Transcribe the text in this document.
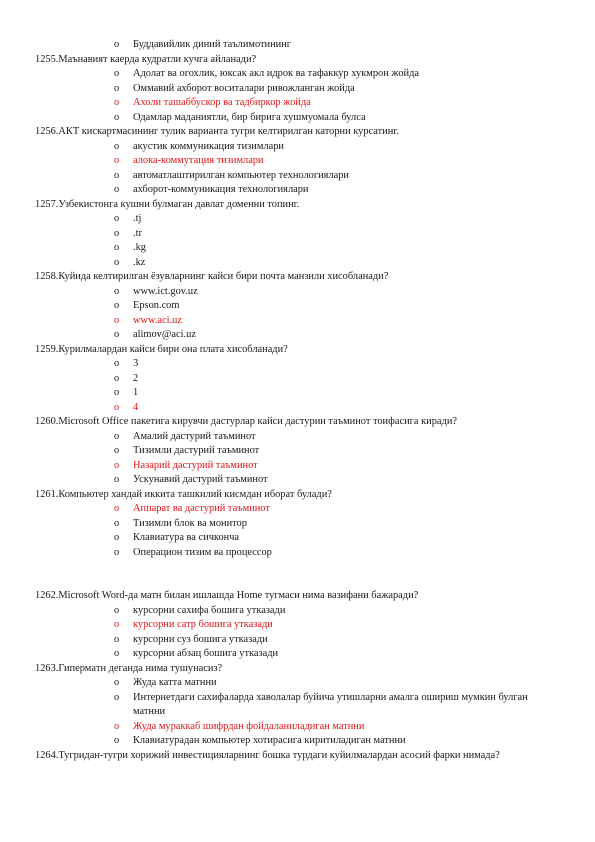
o Буддавийлик диний таълимотининг
1255.Маънавият каерда кудратли кучга айланади?
o Адолат ва огохлик, юксак акл идрок ва тафаккур хукмрон жойда
o Оммавий ахборот воситалари ривожланган жойда
o Ахоли ташаббускор ва тадбиркор жойда
o Одамлар маданиятли, бир бирига хушмуомала булса
1256.АКТ кискартмасининг тулик варианта тугри келтирилган каторни курсатинг.
o акустик коммуникация тизимлари
o алока-коммутация тизимлари
o автоматлаштирилган компьютер технологиялари
o ахборот-коммуникация технологиялари
1257.Узбекистонга кушни булмаган давлат доменни топинг.
o .tj
o .tr
o .kg
o .kz
1258.Куйида келтирилган ёзувларнинг кайси бири почта манзили хисобланади?
o www.ict.gov.uz
o Epson.com
o www.aci.uz
o alimov@aci.uz
1259.Курилмалардан кайси бири она плата хисобланади?
o 3
o 2
o 1
o 4
1260.Microsoft Office пакетига кирувчи дастурлар кайси дастурии таъминот тоифасига киради?
o Амалий дастурий таъминот
o Тизимли дастурий таъминот
o Назарий дастурий таъминот
o Ускунавий дастурий таъминот
1261.Компьютер хандай иккита ташкилий кисмдан иборат булади?
o Аппарат ва дастурий таъминот
o Тизимли блок ва монитор
o Клавиатура ва сичкончa
o Операцион тизим ва процессор
1262.Microsoft Word-да матн билан ишлашда Home тугмаси нима вазифани бажаради?
o курсорни сахифа бошига утказади
o курсорни сатр бошига утказади
o курсорни суз бошига утказади
o курсорни абзац бошига утказади
1263.Гипермaтн деганда нима тушунасиз?
o Жуда катта матнни
o Интернетдаги сахифаларда хаволалар буйича утишларни амалга ошириш мумкин булган матнни
o Жуда мураккаб шифрдан фойдаланиладиган матнни
o Клавиатурадан компьютер хотирасига киритиладиган матнни
1264.Тугридан-тугри хорижий инвестицияларнинг бошка турдаги куйилмалардан асосий фарки нимада?
